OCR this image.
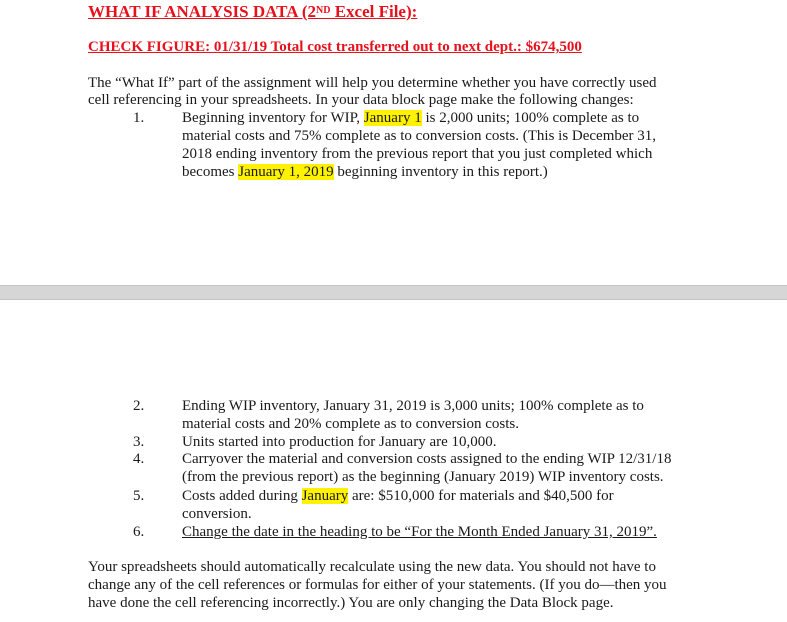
WHAT IF ANALYSIS DATA (2ND Excel File):
CHECK FIGURE: 01/31/19 Total cost transferred out to next dept.: $674,500
The “What If” part of the assignment will help you determine whether you have correctly used
cell referencing in your spreadsheets. In your data block page make the following changes:
1.	Beginning inventory for WIP, January 1 is 2,000 units; 100% complete as to
material costs and 75% complete as to conversion costs. (This is December 31,
2018 ending inventory from the previous report that you just completed which
becomes January 1, 2019 beginning inventory in this report.)
2.	Ending WIP inventory, January 31, 2019 is 3,000 units; 100% complete as to
material costs and 20% complete as to conversion costs.
3.	Units started into production for January are 10,000.
4.	Carryover the material and conversion costs assigned to the ending WIP 12/31/18
(from the previous report) as the beginning (January 2019) WIP inventory costs.
5.	Costs added during January are: $510,000 for materials and $40,500 for
conversion.
6.	Change the date in the heading to be “For the Month Ended January 31, 2019”.
Your spreadsheets should automatically recalculate using the new data. You should not have to
change any of the cell references or formulas for either of your statements. (If you do—then you
have done the cell referencing incorrectly.) You are only changing the Data Block page.
